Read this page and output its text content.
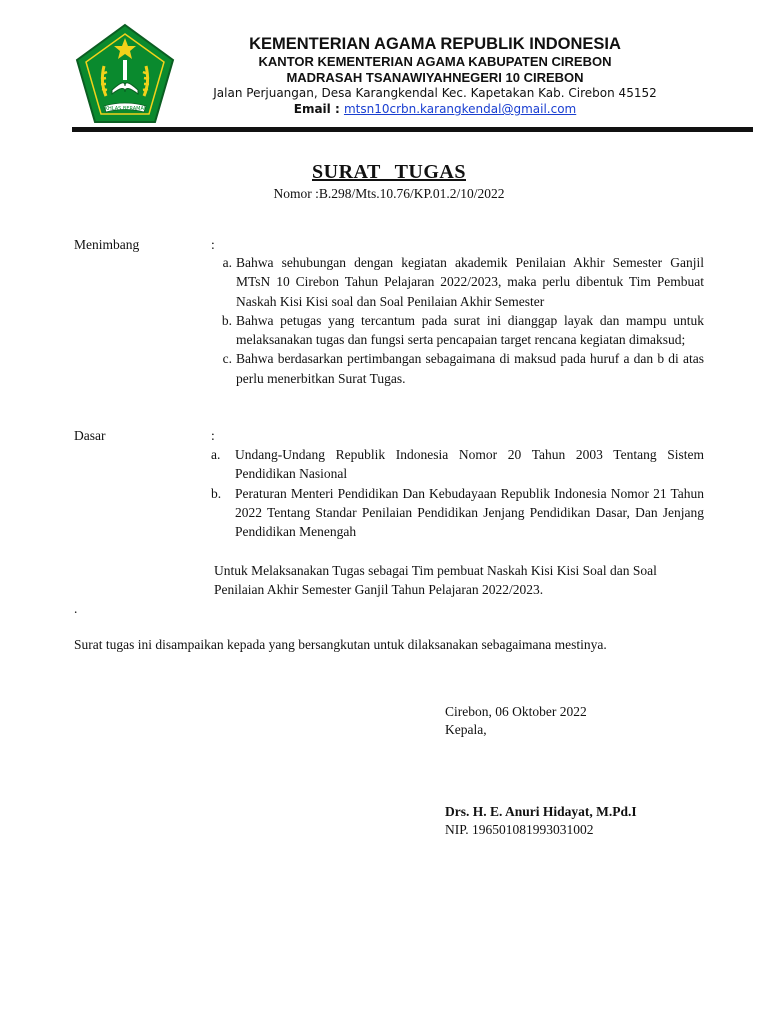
IKHLAS BERAMAL
KEMENTERIAN AGAMA REPUBLIK INDONESIA
KANTOR KEMENTERIAN AGAMA KABUPATEN CIREBON
MADRASAH TSANAWIYAHNEGERI 10 CIREBON
Jalan Perjuangan, Desa Karangkendal Kec. Kapetakan Kab. Cirebon 45152
Email : mtsn10crbn.karangkendal@gmail.com
SURAT TUGAS
Nomor :B.298/Mts.10.76/KP.01.2/10/2022
Menimbang	:
a. Bahwa sehubungan dengan kegiatan akademik Penilaian Akhir Semester Ganjil MTsN 10 Cirebon Tahun Pelajaran 2022/2023, maka perlu dibentuk Tim Pembuat Naskah Kisi Kisi soal dan Soal Penilaian Akhir Semester
b. Bahwa petugas yang tercantum pada surat ini dianggap layak dan mampu untuk melaksanakan tugas dan fungsi serta pencapaian target rencana kegiatan dimaksud;
c. Bahwa berdasarkan pertimbangan sebagaimana di maksud pada huruf a dan b di atas perlu menerbitkan Surat Tugas.
Dasar	:
a.	Undang-Undang Republik Indonesia Nomor 20 Tahun 2003 Tentang Sistem Pendidikan Nasional
b.	Peraturan Menteri Pendidikan Dan Kebudayaan Republik Indonesia Nomor 21 Tahun 2022 Tentang Standar Penilaian Pendidikan Jenjang Pendidikan Dasar, Dan Jenjang Pendidikan Menengah
Untuk Melaksanakan Tugas sebagai Tim pembuat Naskah Kisi Kisi Soal dan Soal Penilaian Akhir Semester Ganjil Tahun Pelajaran 2022/2023.
.
Surat tugas ini disampaikan kepada yang bersangkutan untuk dilaksanakan sebagaimana mestinya.
Cirebon, 06 Oktober 2022
Kepala,
Drs. H. E. Anuri Hidayat, M.Pd.I
NIP. 196501081993031002
